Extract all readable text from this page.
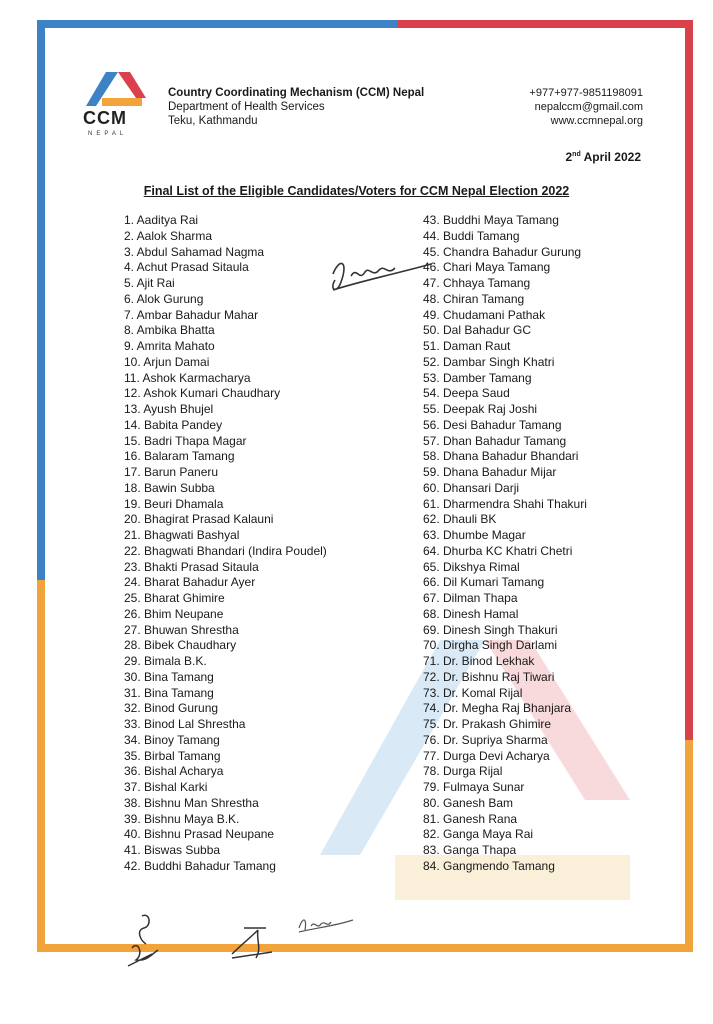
CCM
NEPAL
Country Coordinating Mechanism (CCM) Nepal
Department of Health Services
Teku, Kathmandu
+977+977-9851198091
nepalccm@gmail.com
www.ccmnepal.org
2nd April 2022
Final List of the Eligible Candidates/Voters for CCM Nepal Election 2022
1. Aaditya Rai
2. Aalok Sharma
3. Abdul Sahamad Nagma
4. Achut Prasad Sitaula
5. Ajit Rai
6. Alok Gurung
7. Ambar Bahadur Mahar
8. Ambika Bhatta
9. Amrita Mahato
10. Arjun Damai
11. Ashok Karmacharya
12. Ashok Kumari Chaudhary
13. Ayush Bhujel
14. Babita Pandey
15. Badri Thapa Magar
16. Balaram Tamang
17. Barun Paneru
18. Bawin Subba
19. Beuri Dhamala
20. Bhagirat Prasad Kalauni
21. Bhagwati Bashyal
22. Bhagwati Bhandari (Indira Poudel)
23. Bhakti Prasad Sitaula
24. Bharat Bahadur Ayer
25. Bharat Ghimire
26. Bhim Neupane
27. Bhuwan Shrestha
28. Bibek Chaudhary
29. Bimala B.K.
30. Bina Tamang
31. Bina Tamang
32. Binod Gurung
33. Binod Lal Shrestha
34. Binoy Tamang
35. Birbal Tamang
36. Bishal Acharya
37. Bishal Karki
38. Bishnu Man Shrestha
39. Bishnu Maya B.K.
40. Bishnu Prasad Neupane
41. Biswas Subba
42. Buddhi Bahadur Tamang
43. Buddhi Maya Tamang
44. Buddi Tamang
45. Chandra Bahadur Gurung
46. Chari Maya Tamang
47. Chhaya Tamang
48. Chiran Tamang
49. Chudamani Pathak
50. Dal Bahadur GC
51. Daman Raut
52. Dambar Singh Khatri
53. Damber Tamang
54. Deepa Saud
55. Deepak Raj Joshi
56. Desi Bahadur Tamang
57. Dhan Bahadur Tamang
58. Dhana Bahadur Bhandari
59. Dhana Bahadur Mijar
60. Dhansari Darji
61. Dharmendra Shahi Thakuri
62. Dhauli BK
63. Dhumbe Magar
64. Dhurba KC Khatri Chetri
65. Dikshya Rimal
66. Dil Kumari Tamang
67. Dilman Thapa
68. Dinesh Hamal
69. Dinesh Singh Thakuri
70. Dirgha Singh Darlami
71. Dr. Binod Lekhak
72. Dr. Bishnu Raj Tiwari
73. Dr. Komal Rijal
74. Dr. Megha Raj Bhanjara
75. Dr. Prakash Ghimire
76. Dr. Supriya Sharma
77. Durga Devi Acharya
78. Durga Rijal
79. Fulmaya Sunar
80. Ganesh Bam
81. Ganesh Rana
82. Ganga Maya Rai
83. Ganga Thapa
84. Gangmendo Tamang
